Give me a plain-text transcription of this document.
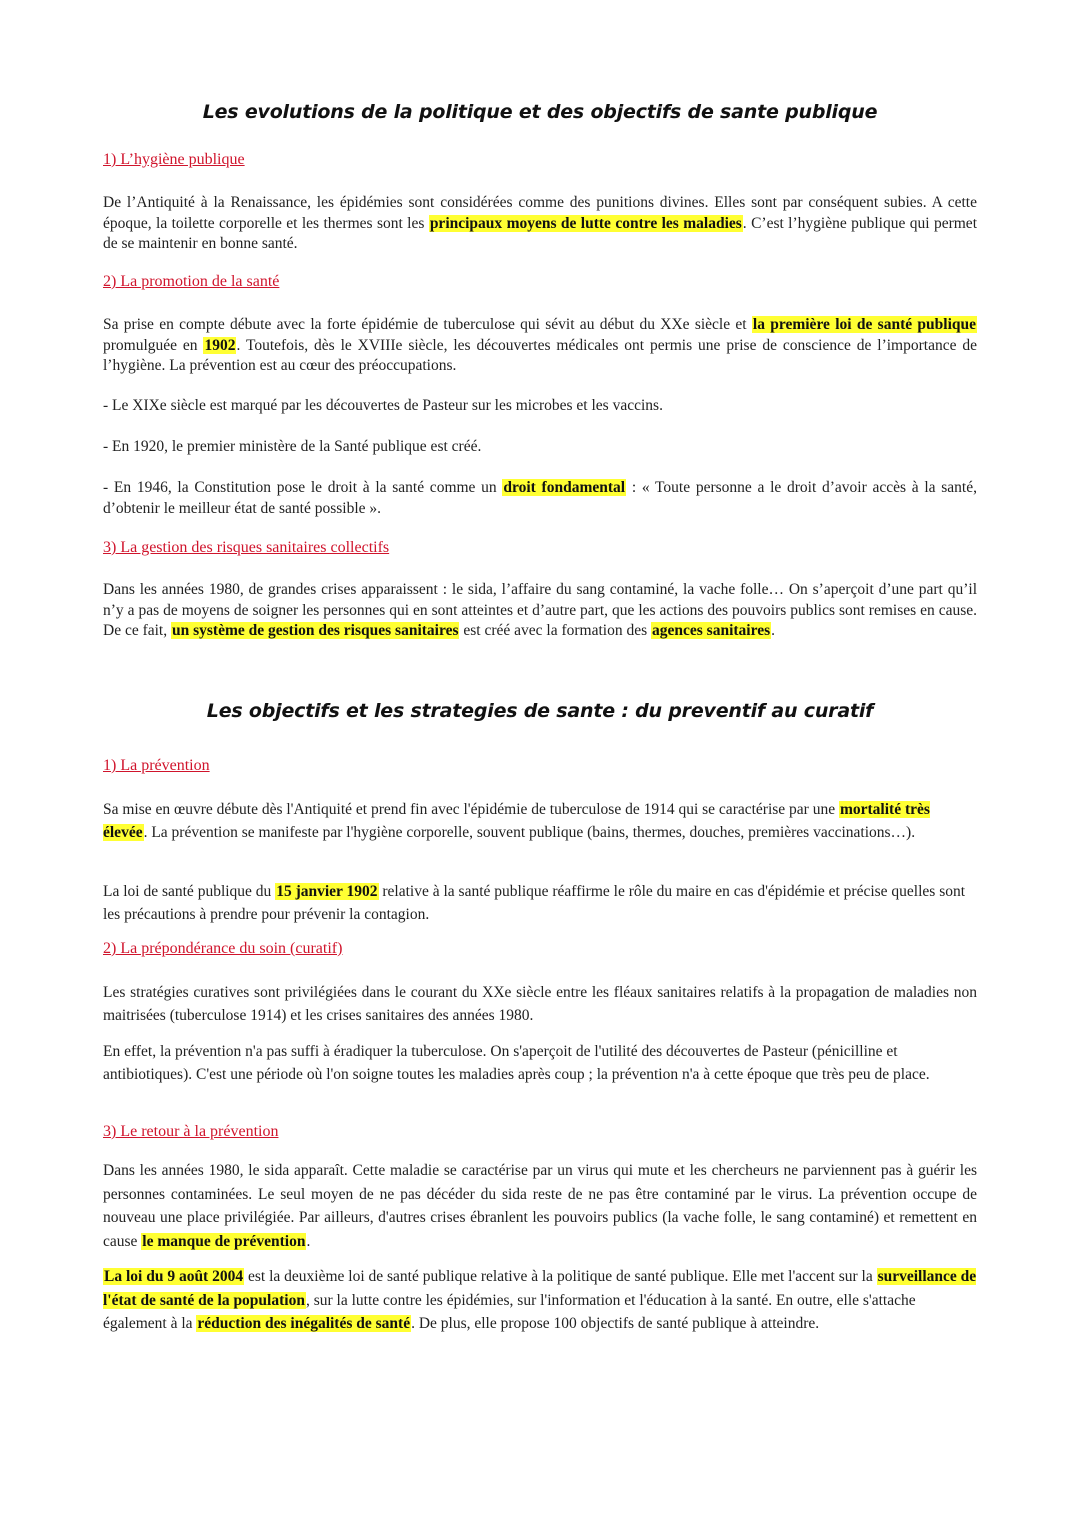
Les evolutions de la politique et des objectifs de sante publique
1) L’hygiène publique

De l’Antiquité à la Renaissance, les épidémies sont considérées comme des punitions divines. Elles sont par conséquent subies. A cette époque, la toilette corporelle et les thermes sont les principaux moyens de lutte contre les maladies. C’est l’hygiène publique qui permet de se maintenir en bonne santé.

2) La promotion de la santé

Sa prise en compte débute avec la forte épidémie de tuberculose qui sévit au début du XXe siècle et la première loi de santé publique promulguée en 1902. Toutefois, dès le XVIIIe siècle, les découvertes médicales ont permis une prise de conscience de l’importance de l’hygiène. La prévention est au cœur des préoccupations.

- Le XIXe siècle est marqué par les découvertes de Pasteur sur les microbes et les vaccins.

- En 1920, le premier ministère de la Santé publique est créé.

- En 1946, la Constitution pose le droit à la santé comme un droit fondamental : « Toute personne a le droit d’avoir accès à la santé, d’obtenir le meilleur état de santé possible ».

3) La gestion des risques sanitaires collectifs

Dans les années 1980, de grandes crises apparaissent : le sida, l’affaire du sang contaminé, la vache folle… On s’aperçoit d’une part qu’il n’y a pas de moyens de soigner les personnes qui en sont atteintes et d’autre part, que les actions des pouvoirs publics sont remises en cause. De ce fait, un système de gestion des risques sanitaires est créé avec la formation des agences sanitaires.

Les objectifs et les strategies de sante : du preventif au curatif
1) La prévention

Sa mise en œuvre débute dès l'Antiquité et prend fin avec l'épidémie de tuberculose de 1914 qui se caractérise par une mortalité très élevée. La prévention se manifeste par l'hygiène corporelle, souvent publique (bains, thermes, douches, premières vaccinations…).

La loi de santé publique du 15 janvier 1902 relative à la santé publique réaffirme le rôle du maire en cas d'épidémie et précise quelles sont les précautions à prendre pour prévenir la contagion.

2) La prépondérance du soin (curatif)

Les stratégies curatives sont privilégiées dans le courant du XXe siècle entre les fléaux sanitaires relatifs à la propagation de maladies non maitrisées (tuberculose 1914) et les crises sanitaires des années 1980.

En effet, la prévention n'a pas suffi à éradiquer la tuberculose. On s'aperçoit de l'utilité des découvertes de Pasteur (pénicilline et antibiotiques). C'est une période où l'on soigne toutes les maladies après coup ; la prévention n'a à cette époque que très peu de place.

3) Le retour à la prévention

Dans les années 1980, le sida apparaît. Cette maladie se caractérise par un virus qui mute et les chercheurs ne parviennent pas à guérir les personnes contaminées. Le seul moyen de ne pas décéder du sida reste de ne pas être contaminé par le virus. La prévention occupe de nouveau une place privilégiée. Par ailleurs, d'autres crises ébranlent les pouvoirs publics (la vache folle, le sang contaminé) et remettent en cause le manque de prévention.

La loi du 9 août 2004 est la deuxième loi de santé publique relative à la politique de santé publique. Elle met l'accent sur la surveillance de l'état de santé de la population, sur la lutte contre les épidémies, sur l'information et l'éducation à la santé. En outre, elle s'attache également à la réduction des inégalités de santé. De plus, elle propose 100 objectifs de santé publique à atteindre.
